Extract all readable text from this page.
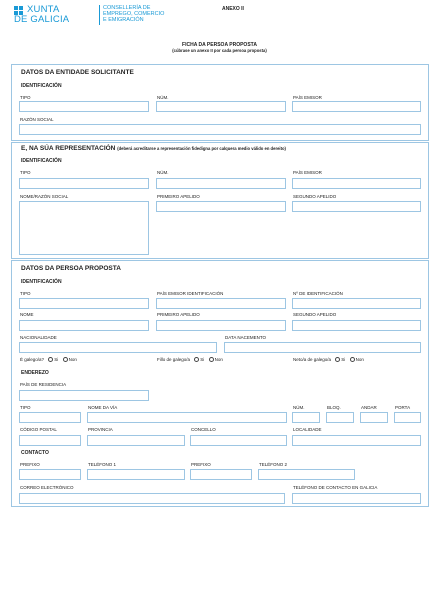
XUNTA
DE GALICIA
CONSELLERÍA DE
EMPREGO, COMERCIO
E EMIGRACIÓN
ANEXO II
FICHA DA PERSOA PROPOSTA
(cúbrase un anexo II por cada persoa proposta)
DATOS DA ENTIDADE SOLICITANTE
IDENTIFICACIÓN
TIPO	NÚM.	PAÍS EMISOR
RAZÓN SOCIAL
E, NA SÚA REPRESENTACIÓN (deberá acreditarse a representación fidedigna por calquera medio válido en dereito)
IDENTIFICACIÓN
TIPO	NÚM.	PAÍS EMISOR
NOME/RAZÓN SOCIAL	PRIMEIRO APELIDO	SEGUNDO APELIDO
DATOS DA PERSOA PROPOSTA
IDENTIFICACIÓN
TIPO	PAÍS EMISOR IDENTIFICACIÓN	Nº DE IDENTIFICACIÓN
NOME	PRIMEIRO APELIDO	SEGUNDO APELIDO
NACIONALIDADE	DATA NACEMENTO
É galego/a? Si Non	Fillo de galego/a Si Non	Neto/a de galego/a Si Non
ENDEREZO
PAÍS DE RESIDENCIA
TIPO	NOME DA VÍA	NÚM.	BLOQ.	ANDAR	PORTA
CÓDIGO POSTAL	PROVINCIA	CONCELLO	LOCALIDADE
CONTACTO
PREFIXO	TELÉFONO 1	PREFIXO	TELÉFONO 2
CORREO ELECTRÓNICO	TELÉFONO DE CONTACTO EN GALICIA
